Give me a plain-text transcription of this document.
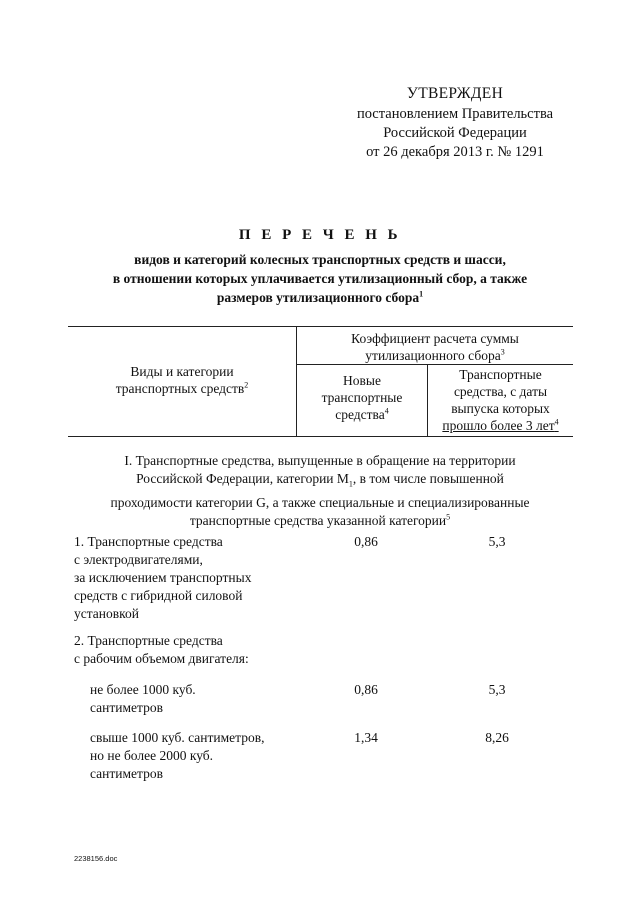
УТВЕРЖДЕН
постановлением Правительства
Российской Федерации
от 26 декабря 2013 г. № 1291
П Е Р Е Ч Е Н Ь
видов и категорий колесных транспортных средств и шасси,
в отношении которых уплачивается утилизационный сбор, а также
размеров утилизационного сбора$^1$
Виды и категории
транспортных средств$^2$
Коэффициент расчета суммы
утилизационного сбора$^3$
Новые
транспортные
средства$^4$
Транспортные
средства, с даты
выпуска которых
прошло более 3 лет$^4$
I. Транспортные средства, выпущенные в обращение на территории
Российской Федерации, категории $M_1$, в том числе повышенной
проходимости категории G, а также специальные и специализированные
транспортные средства указанной категории$^5$
1. Транспортные средства
с электродвигателями,
за исключением транспортных
средств с гибридной силовой
установкой
0,86	5,3
2. Транспортные средства
с рабочим объемом двигателя:
не более 1000 куб.
сантиметров
0,86	5,3
свыше 1000 куб. сантиметров,
но не более 2000 куб.
сантиметров
1,34	8,26
2238156.doc
